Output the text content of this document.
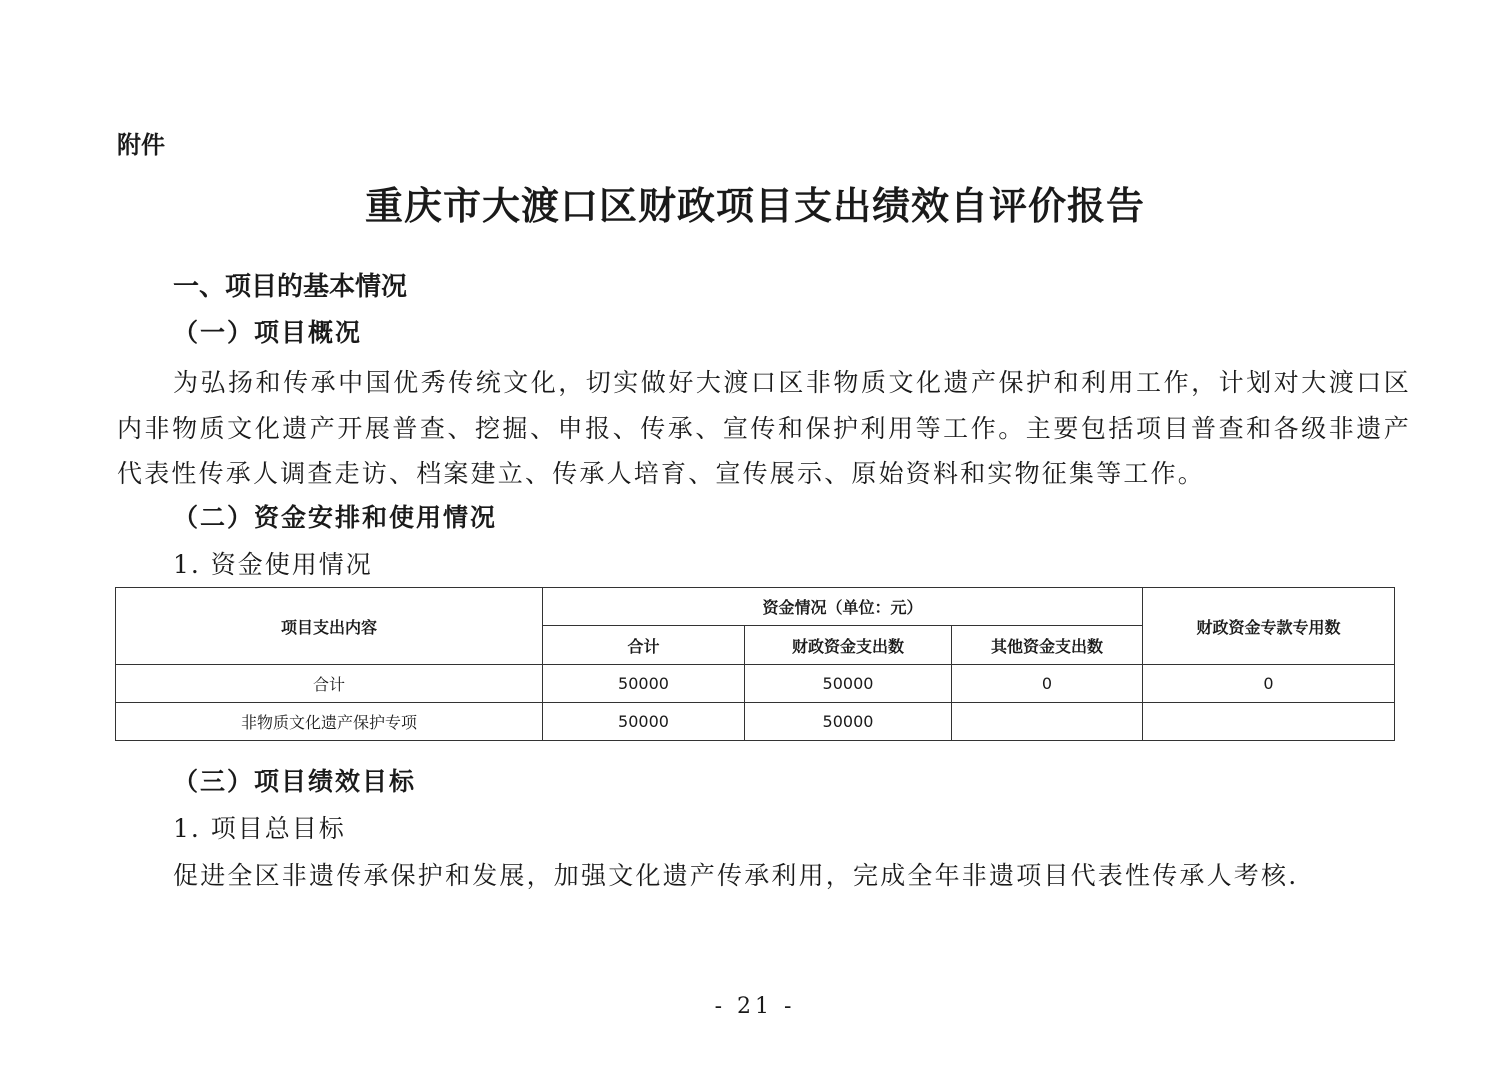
附件

重庆市大渡口区财政项目支出绩效自评价报告
一、项目的基本情况
（一）项目概况

为弘扬和传承中国优秀传统文化，切实做好大渡口区非物质文化遗产保护和利用工作，计划对大渡口区内非物质文化遗产开展普查、挖掘、申报、传承、宣传和保护利用等工作。主要包括项目普查和各级非遗产代表性传承人调查走访、档案建立、传承人培育、宣传展示、原始资料和实物征集等工作。

（二）资金安排和使用情况

1. 资金使用情况

项目支出内容	资金情况（单位：元）			财政资金专款专用数
	合计	财政资金支出数	其他资金支出数	
合计	50000	50000	0	0
非物质文化遗产保护专项	50000	50000		
（三）项目绩效目标

1. 项目总目标

促进全区非遗传承保护和发展，加强文化遗产传承利用，完成全年非遗项目代表性传承人考核.

- 21 -
